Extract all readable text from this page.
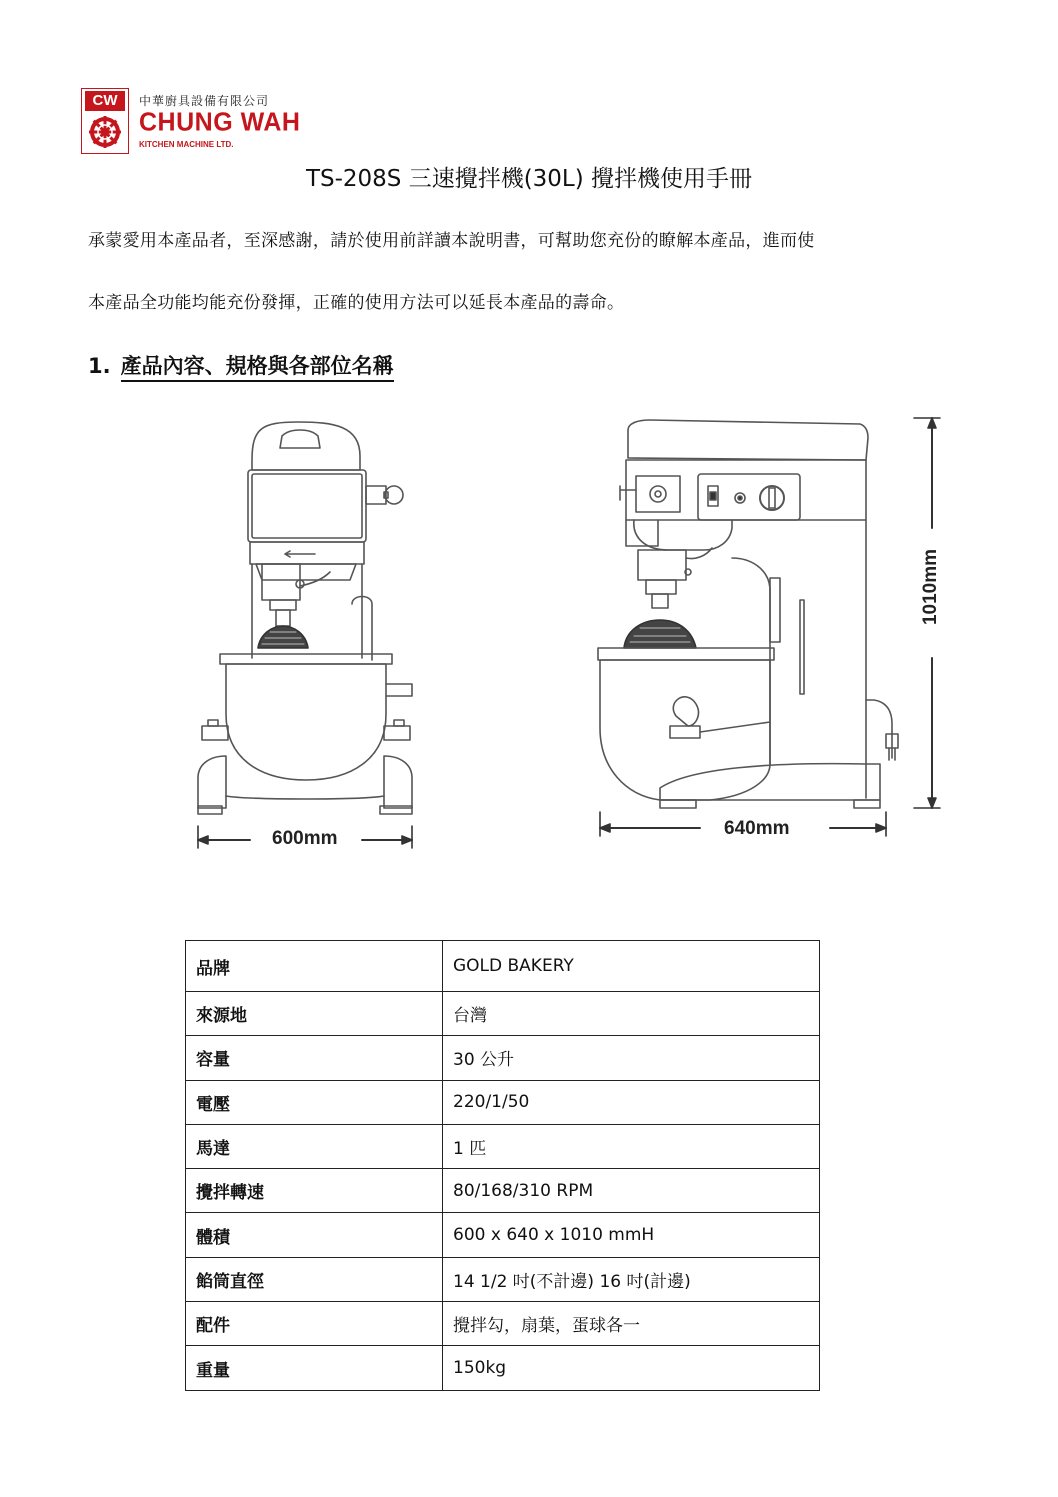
CW	中華廚具設備有限公司
CHUNG WAH
KITCHEN MACHINE LTD.
TS-208S 三速攪拌機(30L) 攪拌機使用手冊
承蒙愛用本產品者，至深感謝，請於使用前詳讀本說明書，可幫助您充份的瞭解本產品，進而使
本產品全功能均能充份發揮，正確的使用方法可以延長本產品的壽命。
1. 產品內容、規格與各部位名稱
600mm	640mm
1010mm
品牌	GOLD BAKERY
來源地	台灣
容量	30 公升
電壓	220/1/50
馬達	1 匹
攪拌轉速	80/168/310 RPM
體積	600 x 640 x 1010 mmH
餡筒直徑	14 1/2 吋(不計邊) 16 吋(計邊)
配件	攪拌勾，扇葉，蛋球各一
重量	150kg
